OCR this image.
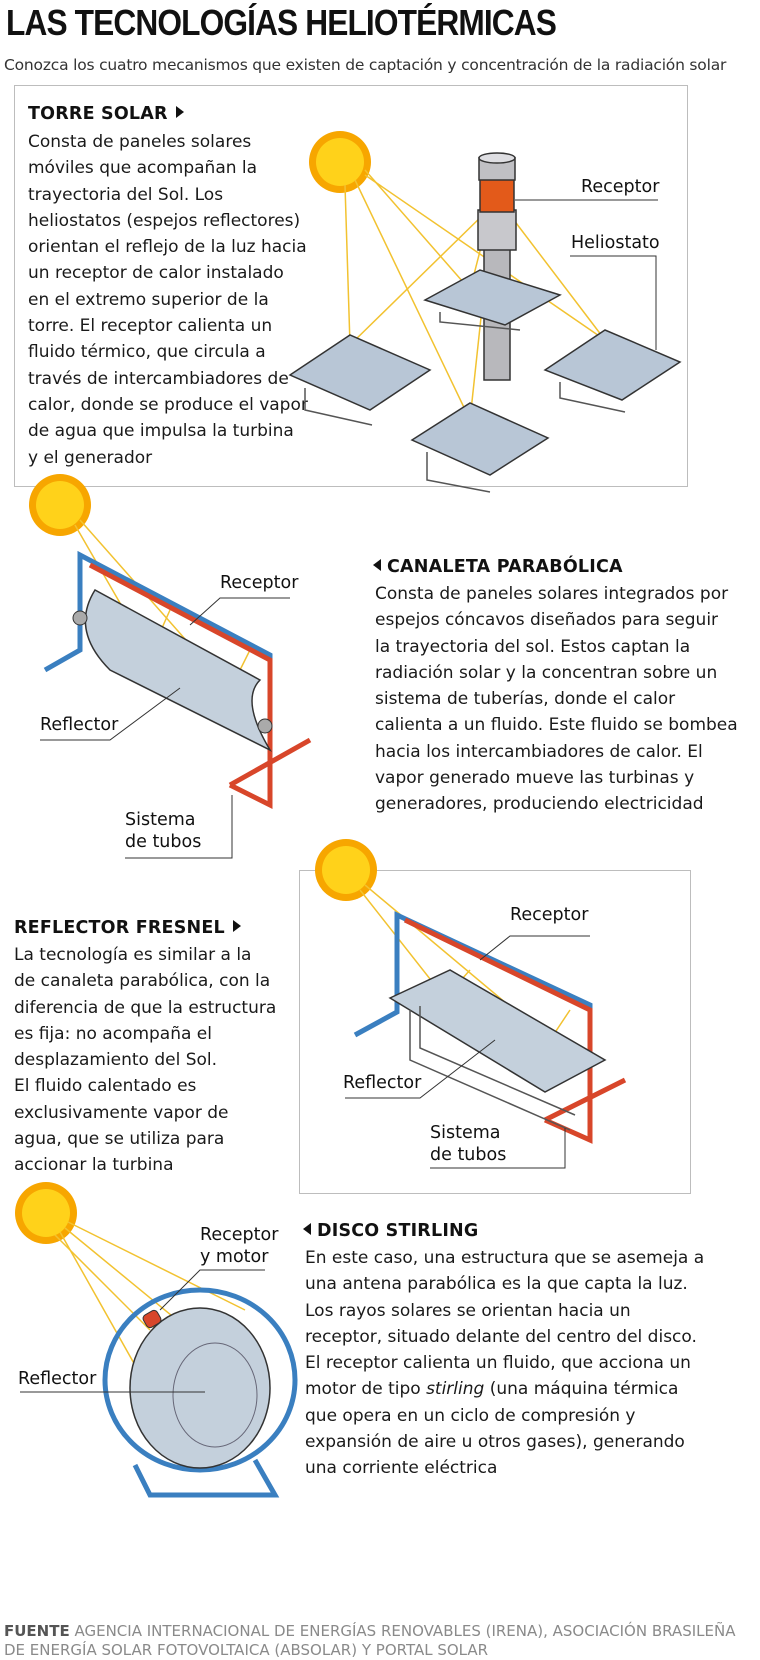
LAS TECNOLOGÍAS HELIOTÉRMICAS
Conozca los cuatro mecanismos que existen de captación y concentración de la radiación solar
TORRE SOLAR
Consta de paneles solares
móviles que acompañan la
trayectoria del Sol. Los
heliostatos (espejos reflectores)
orientan el reflejo de la luz hacia
un receptor de calor instalado
en el extremo superior de la
torre. El receptor calienta un
fluido térmico, que circula a
través de intercambiadores de
calor, donde se produce el vapor
de agua que impulsa la turbina
y el generador
Receptor
Heliostato
Receptor
Reflector
Sistema
de tubos
CANALETA PARABÓLICA
Consta de paneles solares integrados por
espejos cóncavos diseñados para seguir
la trayectoria del sol. Estos captan la
radiación solar y la concentran sobre un
sistema de tuberías, donde el calor
calienta a un fluido. Este fluido se bombea
hacia los intercambiadores de calor. El
vapor generado mueve las turbinas y
generadores, produciendo electricidad
REFLECTOR FRESNEL
La tecnología es similar a la
de canaleta parabólica, con la
diferencia de que la estructura
es fija: no acompaña el
desplazamiento del Sol.
El fluido calentado es
exclusivamente vapor de
agua, que se utiliza para
accionar la turbina
Receptor
Reflector
Sistema
de tubos
Receptor
y motor
Reflector
DISCO STIRLING
En este caso, una estructura que se asemeja a
una antena parabólica es la que capta la luz.
Los rayos solares se orientan hacia un
receptor, situado delante del centro del disco.
El receptor calienta un fluido, que acciona un
motor de tipo stirling (una máquina térmica
que opera en un ciclo de compresión y
expansión de aire u otros gases), generando
una corriente eléctrica
FUENTE AGENCIA INTERNACIONAL DE ENERGÍAS RENOVABLES (IRENA), ASOCIACIÓN BRASILEÑA
DE ENERGÍA SOLAR FOTOVOLTAICA (ABSOLAR) Y PORTAL SOLAR
